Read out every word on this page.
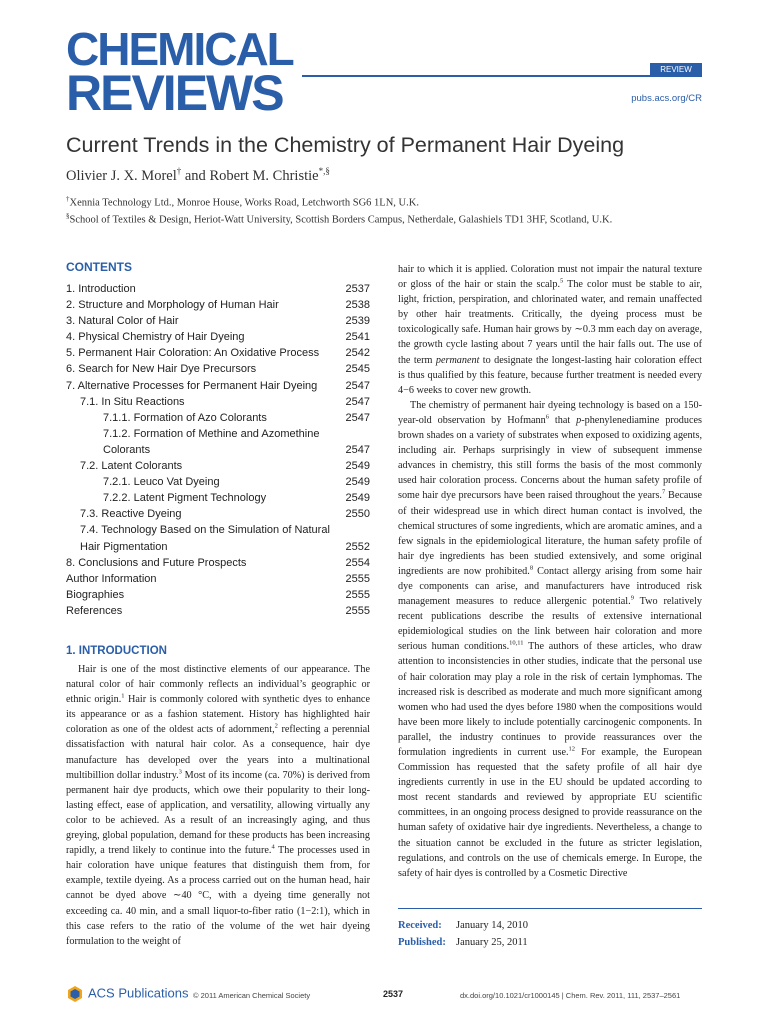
CHEMICAL
REVIEWS	REVIEW
pubs.acs.org/CR
Current Trends in the Chemistry of Permanent Hair Dyeing
Olivier J. X. Morel† and Robert M. Christie*,§
†Xennia Technology Ltd., Monroe House, Works Road, Letchworth SG6 1LN, U.K.
§School of Textiles & Design, Heriot-Watt University, Scottish Borders Campus, Netherdale, Galashiels TD1 3HF, Scotland, U.K.
CONTENTS
1. Introduction	2537
2. Structure and Morphology of Human Hair	2538
3. Natural Color of Hair	2539
4. Physical Chemistry of Hair Dyeing	2541
5. Permanent Hair Coloration: An Oxidative Process	2542
6. Search for New Hair Dye Precursors	2545
7. Alternative Processes for Permanent Hair Dyeing	2547
7.1. In Situ Reactions	2547
7.1.1. Formation of Azo Colorants	2547
7.1.2. Formation of Methine and Azomethine Colorants	2547
7.2. Latent Colorants	2549
7.2.1. Leuco Vat Dyeing	2549
7.2.2. Latent Pigment Technology	2549
7.3. Reactive Dyeing	2550
7.4. Technology Based on the Simulation of Natural Hair Pigmentation	2552
8. Conclusions and Future Prospects	2554
Author Information	2555
Biographies	2555
References	2555
1. INTRODUCTION

Hair is one of the most distinctive elements of our appearance. The natural color of hair commonly reflects an individual’s geographic or ethnic origin.$^1$ Hair is commonly colored with synthetic dyes to enhance its appearance or as a fashion statement. History has highlighted hair coloration as one of the oldest acts of adornment,$^2$ reflecting a perennial dissatisfaction with natural hair color. As a consequence, hair dye manufacture has developed over the years into a multinational multibillion dollar industry.$^3$ Most of its income (ca. 70%) is derived from permanent hair dye products, which owe their popularity to their long-lasting effect, ease of application, and versatility, allowing virtually any color to be achieved. As a result of an increasingly aging, and thus greying, global population, demand for these products has been increasing rapidly, a trend likely to continue into the future.$^4$ The processes used in hair coloration have unique features that distinguish them from, for example, textile dyeing. As a process carried out on the human head, hair cannot be dyed above ∼40 °C, with a dyeing time generally not exceeding ca. 40 min, and a small liquor-to-fiber ratio (1−2:1), which in this case refers to the ratio of the volume of the wet hair dyeing formulation to the weight of

hair to which it is applied. Coloration must not impair the natural texture or gloss of the hair or stain the scalp.$^5$ The color must be stable to air, light, friction, perspiration, and chlorinated water, and remain unaffected by other hair treatments. Critically, the dyeing process must be toxicologically safe. Human hair grows by ∼0.3 mm each day on average, the growth cycle lasting about 7 years until the hair falls out. The use of the term permanent to designate the longest-lasting hair coloration effect is thus qualified by this feature, because further treatment is needed every 4−6 weeks to cover new growth.

The chemistry of permanent hair dyeing technology is based on a 150-year-old observation by Hofmann$^6$ that p-phenylenediamine produces brown shades on a variety of substrates when exposed to oxidizing agents, including air. Perhaps surprisingly in view of subsequent immense advances in chemistry, this still forms the basis of the most commonly used hair coloration process. Concerns about the human safety profile of some hair dye precursors have been raised throughout the years.$^7$ Because of their widespread use in which direct human contact is involved, the chemical structures of some ingredients, which are aromatic amines, and a few signals in the epidemiological literature, the human safety profile of hair dye ingredients has been studied extensively, and some original ingredients are now prohibited.$^8$ Contact allergy arising from some hair dye components can arise, and manufacturers have introduced risk management measures to reduce allergenic potential.$^9$ Two relatively recent publications describe the results of extensive international epidemiological studies on the link between hair coloration and more serious human conditions.$^{10,11}$ The authors of these articles, who draw attention to inconsistencies in other studies, indicate that the personal use of hair coloration may play a role in the risk of certain lymphomas. The increased risk is described as moderate and much more significant among women who had used the dyes before 1980 when the compositions would have been more likely to include potentially carcinogenic components. In parallel, the industry continues to provide reassurances over the formulation ingredients in current use.$^{12}$ For example, the European Commission has requested that the safety profile of all hair dye ingredients currently in use in the EU should be updated according to most recent standards and reviewed by appropriate EU scientific committees, in an ongoing process designed to provide reassurance on the human safety of oxidative hair dye ingredients. Nevertheless, a change to the situation cannot be excluded in the future as stricter legislation, regulations, and controls on the use of chemicals emerge. In Europe, the safety of hair dyes is controlled by a Cosmetic Directive

Received: January 14, 2010
Published: January 25, 2011
ACS Publications © 2011 American Chemical Society	2537	dx.doi.org/10.1021/cr1000145 | Chem. Rev. 2011, 111, 2537–2561
